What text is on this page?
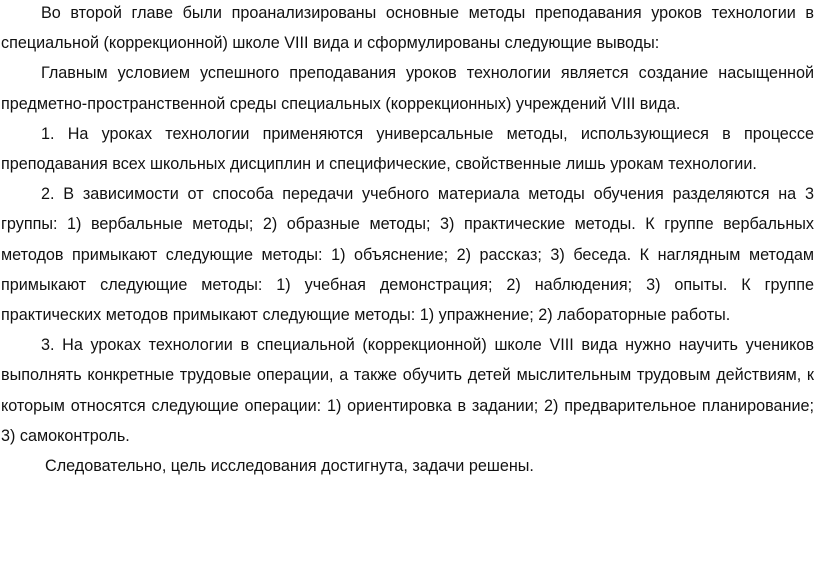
Во второй главе были проанализированы основные методы преподавания уроков технологии в специальной (коррекционной) школе VIII вида и сформулированы следующие выводы:

Главным условием успешного преподавания уроков технологии является создание насыщенной предметно-пространственной среды специальных (коррекционных) учреждений VIII вида.

1. На уроках технологии применяются универсальные методы, использующиеся в процессе преподавания всех школьных дисциплин и специфические, свойственные лишь урокам технологии.

2. В зависимости от способа передачи учебного материала методы обучения разделяются на 3 группы: 1) вербальные методы; 2) образные методы; 3) практические методы. К группе вербальных методов примыкают следующие методы: 1) объяснение; 2) рассказ; 3) беседа. К наглядным методам примыкают следующие методы: 1) учебная демонстрация; 2) наблюдения; 3) опыты. К группе практических методов примыкают следующие методы: 1) упражнение; 2) лабораторные работы.

3. На уроках технологии в специальной (коррекционной) школе VIII вида нужно научить учеников выполнять конкретные трудовые операции, а также обучить детей мыслительным трудовым действиям, к которым относятся следующие операции: 1) ориентировка в задании; 2) предварительное планирование; 3) самоконтроль.

Следовательно, цель исследования достигнута, задачи решены.
